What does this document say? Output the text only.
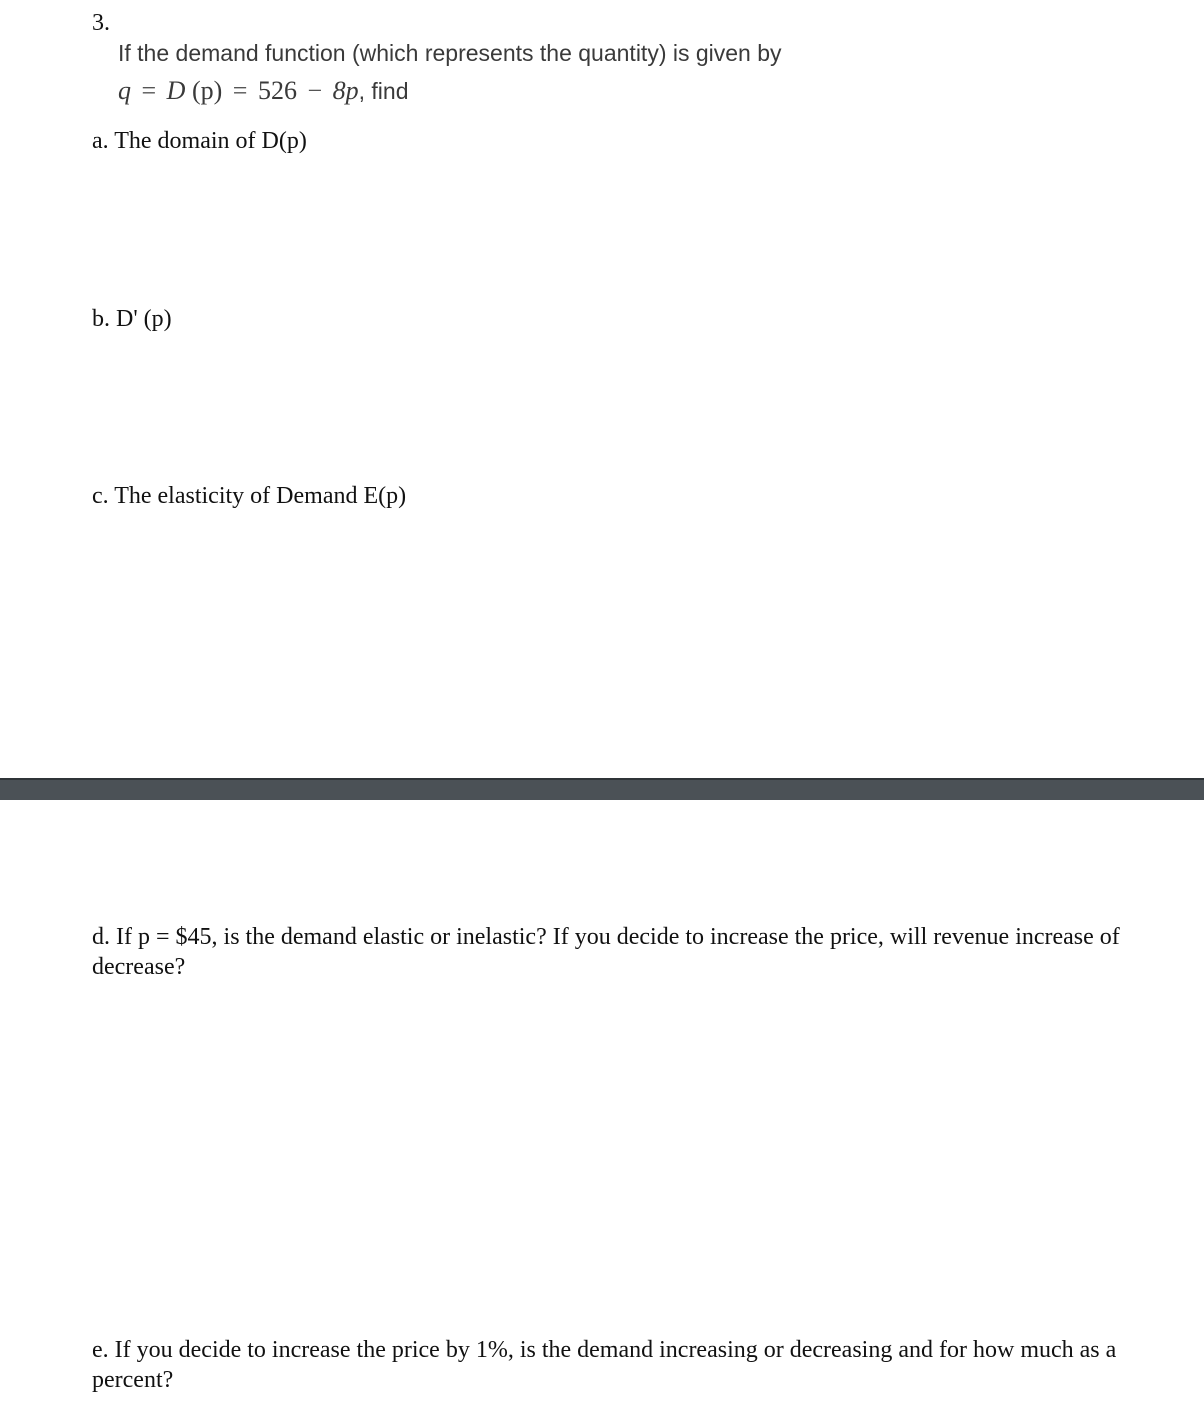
3.
If the demand function (which represents the quantity) is given by
q = D (p) = 526 − 8p, find
a. The domain of D(p)
b. D' (p)
c. The elasticity of Demand E(p)
d. If p = $45, is the demand elastic or inelastic? If you decide to increase the price, will revenue increase of decrease?
e. If you decide to increase the price by 1%, is the demand increasing or decreasing and for how much as a percent?
